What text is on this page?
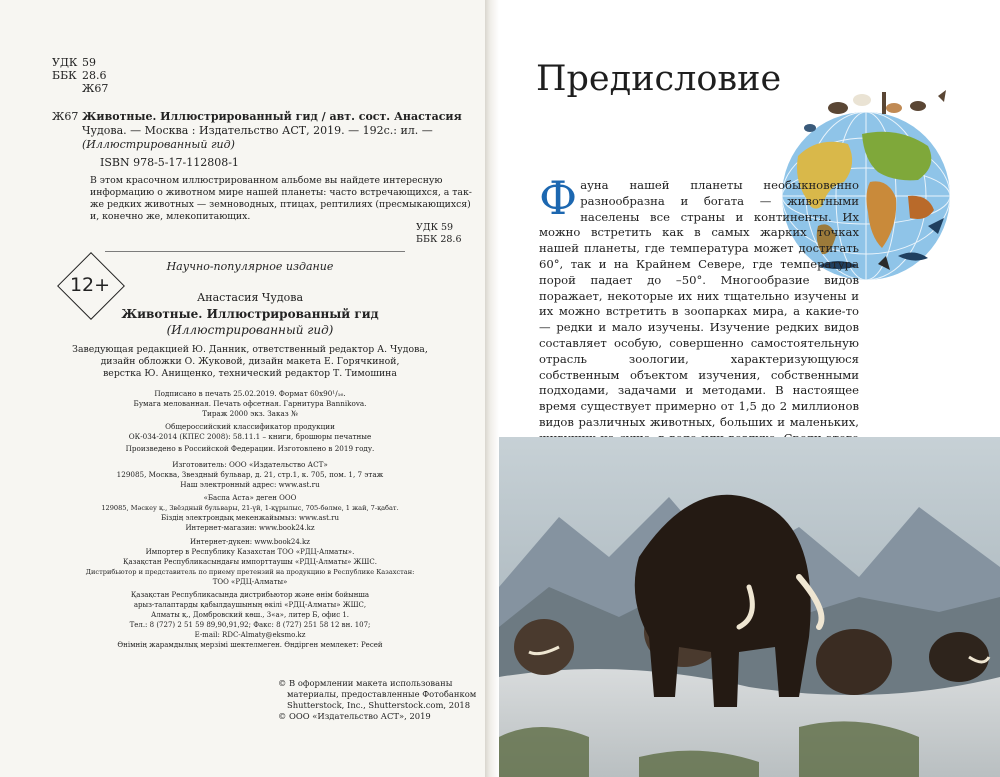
УДК 59
ББК 28.6
Ж67
Ж67 Животные. Иллюстрированный гид / авт. сост. Анастасия
Чудова. — Москва : Издательство АСТ, 2019. — 192с.: ил. —
(Иллюстрированный гид)
ISBN 978-5-17-112808-1
В этом красочном иллюстрированном альбоме вы найдете интересную
информацию о животном мире нашей планеты: часто встречающихся, а так-
же редких животных — земноводных, птицах, рептилиях (пресмыкающихся)
и, конечно же, млекопитающих.
УДК 59
ББК 28.6
Научно-популярное издание
12+
Анастасия Чудова
Животные. Иллюстрированный гид
(Иллюстрированный гид)
Заведующая редакцией Ю. Данник, ответственный редактор А. Чудова,
дизайн обложки О. Жуковой, дизайн макета Е. Горячкиной,
верстка Ю. Анищенко, технический редактор Т. Тимошина
Подписано в печать 25.02.2019. Формат 60х90¹/₁₆.
Бумага мелованная. Печать офсетная. Гарнитура Bannikova.
Тираж 2000 экз. Заказ №
Общероссийский классификатор продукции
ОК-034-2014 (КПЕС 2008): 58.11.1 – книги, брошюры печатные
Произведено в Российской Федерации. Изготовлено в 2019 году.
Изготовитель: ООО «Издательство АСТ»
129085, Москва, Звездный бульвар, д. 21, стр.1, к. 705, пом. 1, 7 этаж
Наш электронный адрес: www.ast.ru
«Баспа Аста» деген ООО
129085, Мәскеу қ., Звёздный бульвары, 21-үй, 1-құрылыс, 705-бөлме, 1 жай, 7-қабат.
Біздің электрондық мекенжайымыз: www.ast.ru
Интернет-магазин: www.book24.kz
Интернет-дүкен: www.book24.kz
Импортер в Республику Казахстан ТОО «РДЦ-Алматы».
Қазақстан Республикасындағы импорттаушы «РДЦ-Алматы» ЖШС.
Дистрибьютор и представитель по приему претензий на продукцию в Республике Казахстан:
ТОО «РДЦ-Алматы»
Қазақстан Республикасында дистрибьютор және өнім бойынша
арыз-талаптарды қабылдаушының өкілі «РДЦ-Алматы» ЖШС,
Алматы қ., Домбровский көш., 3«а», литер Б, офис 1.
Тел.: 8 (727) 2 51 59 89,90,91,92; Факс: 8 (727) 251 58 12 вн. 107;
E-mail: RDC-Almaty@eksmo.kz
Өнімнің жарамдылық мерзімі шектелмеген. Өндірген мемлекет: Ресей
© В оформлении макета использованы
материалы, предоставленные Фотобанком
Shutterstock, Inc., Shutterstock.com, 2018
© ООО «Издательство АСТ», 2019
Предисловие
Ф ауна нашей планеты необыкновенно разнообразна и богата — животными населены все страны и континенты. Их можно встретить как в самых жарких точках нашей планеты, где температура может достигать 60°, так и на Крайнем Севере, где температура порой падает до –50°. Многообразие видов поражает, некоторые их них тщательно изучены и их можно встретить в зоопарках мира, а какие-то — редки и мало изучены. Изучение редких видов составляет особую, совершенно самостоятельную отрасль зоологии, характеризующуюся собственным объектом изучения, собственными подходами, задачами и методами. В настоящее время существует примерно от 1,5 до 2 миллионов видов различных животных, больших и маленьких,
